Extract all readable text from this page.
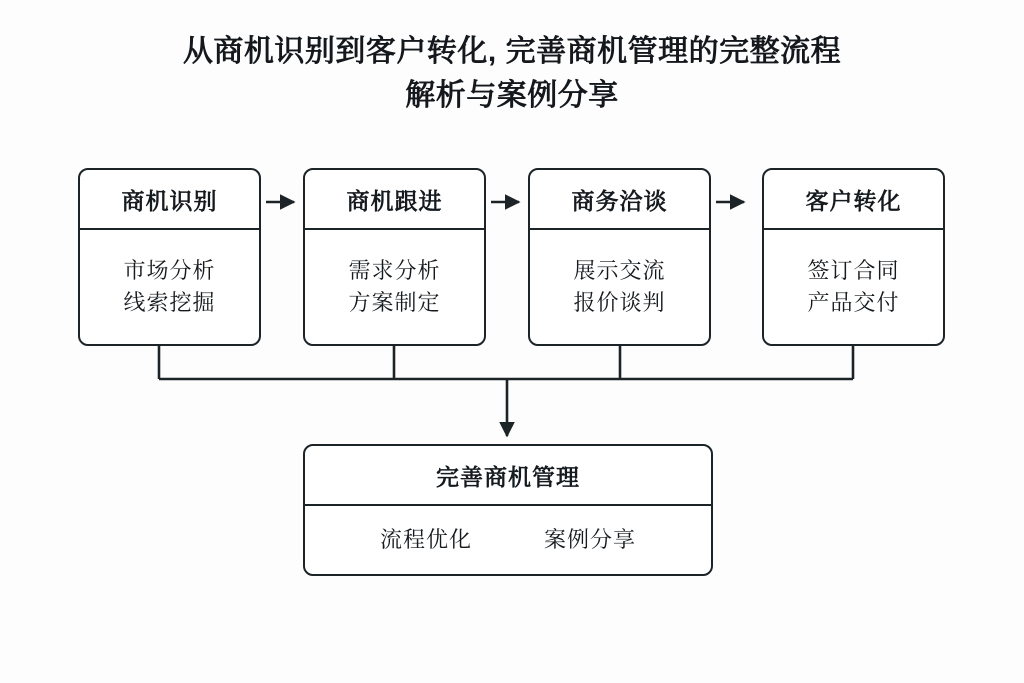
从商机识别到客户转化, 完善商机管理的完整流程
解析与案例分享
商机识别
市场分析
线索挖掘
商机跟进
需求分析
方案制定
商务洽谈
展示交流
报价谈判
客户转化
签订合同
产品交付
完善商机管理
流程优化	案例分享
